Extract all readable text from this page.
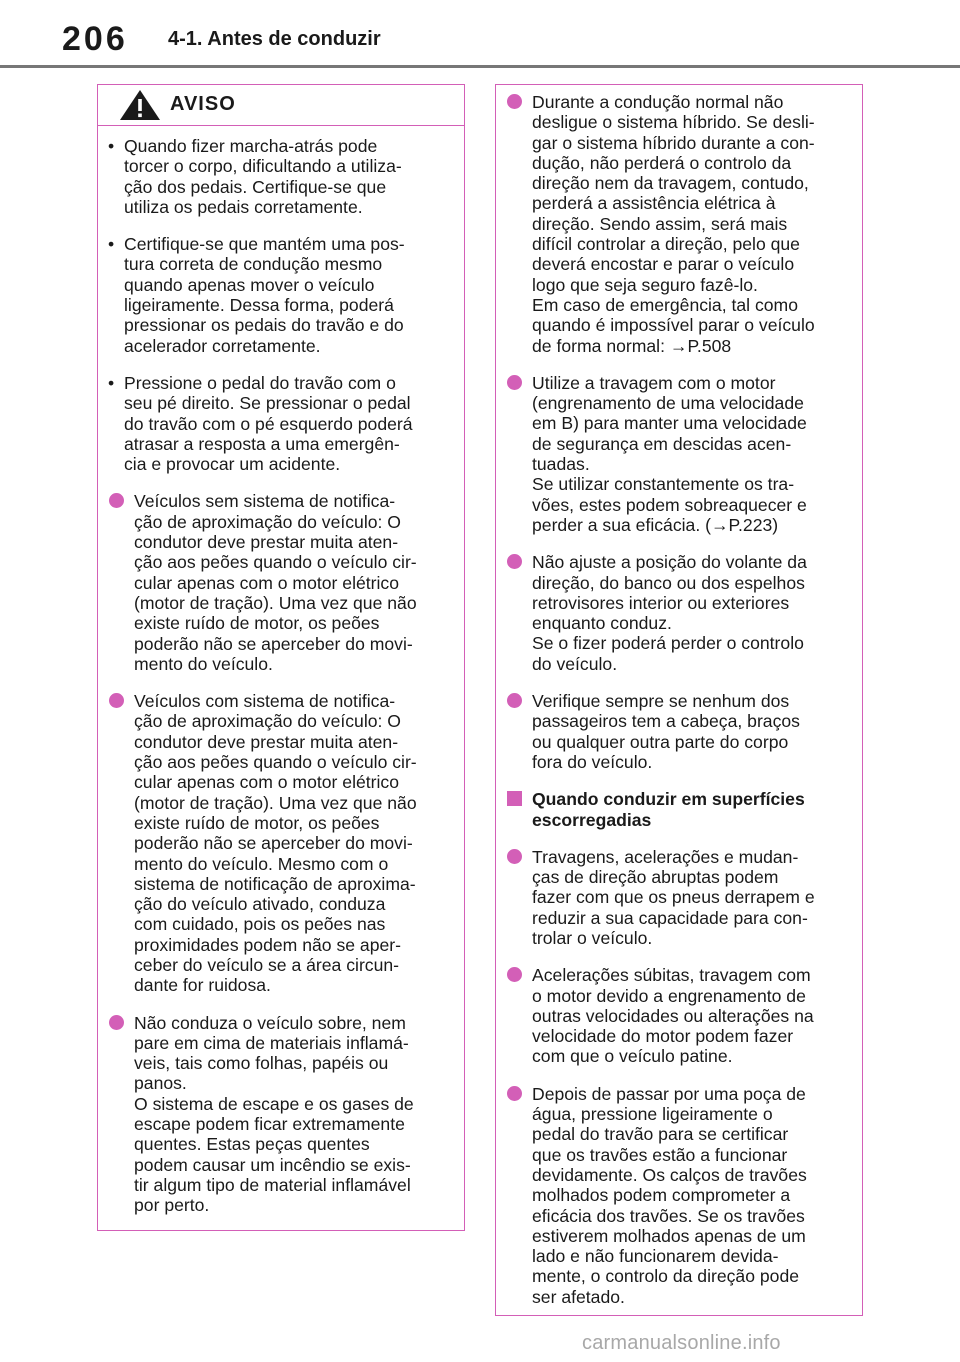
206 4-1. Antes de conduzir
AVISO
• Quando fizer marcha-atrás pode
torcer o corpo, dificultando a utiliza-
ção dos pedais. Certifique-se que
utiliza os pedais corretamente.
• Certifique-se que mantém uma pos-
tura correta de condução mesmo
quando apenas mover o veículo
ligeiramente. Dessa forma, poderá
pressionar os pedais do travão e do
acelerador corretamente.
• Pressione o pedal do travão com o
seu pé direito. Se pressionar o pedal
do travão com o pé esquerdo poderá
atrasar a resposta a uma emergên-
cia e provocar um acidente.
Veículos sem sistema de notifica-
ção de aproximação do veículo: O
condutor deve prestar muita aten-
ção aos peões quando o veículo cir-
cular apenas com o motor elétrico
(motor de tração). Uma vez que não
existe ruído de motor, os peões
poderão não se aperceber do movi-
mento do veículo.
Veículos com sistema de notifica-
ção de aproximação do veículo: O
condutor deve prestar muita aten-
ção aos peões quando o veículo cir-
cular apenas com o motor elétrico
(motor de tração). Uma vez que não
existe ruído de motor, os peões
poderão não se aperceber do movi-
mento do veículo. Mesmo com o
sistema de notificação de aproxima-
ção do veículo ativado, conduza
com cuidado, pois os peões nas
proximidades podem não se aper-
ceber do veículo se a área circun-
dante for ruidosa.
Não conduza o veículo sobre, nem
pare em cima de materiais inflamá-
veis, tais como folhas, papéis ou
panos.
O sistema de escape e os gases de
escape podem ficar extremamente
quentes. Estas peças quentes
podem causar um incêndio se exis-
tir algum tipo de material inflamável
por perto.
Durante a condução normal não
desligue o sistema híbrido. Se desli-
gar o sistema híbrido durante a con-
dução, não perderá o controlo da
direção nem da travagem, contudo,
perderá a assistência elétrica à
direção. Sendo assim, será mais
difícil controlar a direção, pelo que
deverá encostar e parar o veículo
logo que seja seguro fazê-lo.
Em caso de emergência, tal como
quando é impossível parar o veículo
de forma normal: →P.508
Utilize a travagem com o motor
(engrenamento de uma velocidade
em B) para manter uma velocidade
de segurança em descidas acen-
tuadas.
Se utilizar constantemente os tra-
vões, estes podem sobreaquecer e
perder a sua eficácia. (→P.223)
Não ajuste a posição do volante da
direção, do banco ou dos espelhos
retrovisores interior ou exteriores
enquanto conduz.
Se o fizer poderá perder o controlo
do veículo.
Verifique sempre se nenhum dos
passageiros tem a cabeça, braços
ou qualquer outra parte do corpo
fora do veículo.
Quando conduzir em superfícies
escorregadias
Travagens, acelerações e mudan-
ças de direção abruptas podem
fazer com que os pneus derrapem e
reduzir a sua capacidade para con-
trolar o veículo.
Acelerações súbitas, travagem com
o motor devido a engrenamento de
outras velocidades ou alterações na
velocidade do motor podem fazer
com que o veículo patine.
Depois de passar por uma poça de
água, pressione ligeiramente o
pedal do travão para se certificar
que os travões estão a funcionar
devidamente. Os calços de travões
molhados podem comprometer a
eficácia dos travões. Se os travões
estiverem molhados apenas de um
lado e não funcionarem devida-
mente, o controlo da direção pode
ser afetado.
carmanualsonline.info
